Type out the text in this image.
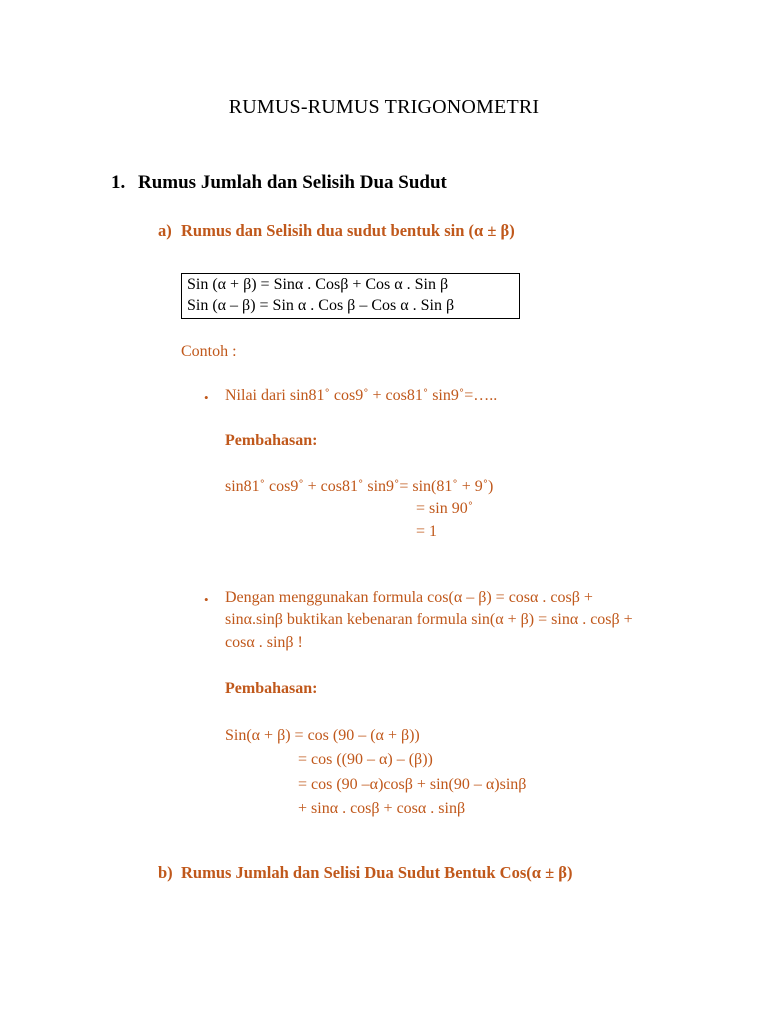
RUMUS-RUMUS TRIGONOMETRI
1. Rumus Jumlah dan Selisih Dua Sudut
a) Rumus dan Selisih dua sudut bentuk sin (α ± β)
Sin (α + β) = Sinα . Cosβ + Cos α . Sin β
Sin (α – β) = Sin α . Cos β – Cos α . Sin β
Contoh :
• Nilai dari sin81˚ cos9˚ + cos81˚ sin9˚=…..
Pembahasan:
sin81˚ cos9˚ + cos81˚ sin9˚= sin(81˚ + 9˚)
= sin 90˚
= 1
• Dengan menggunakan formula cos(α – β) = cosα . cosβ +
sinα.sinβ buktikan kebenaran formula sin(α + β) = sinα . cosβ +
cosα . sinβ !
Pembahasan:
Sin(α + β) = cos (90 – (α + β))
= cos ((90 – α) – (β))
= cos (90 –α)cosβ + sin(90 – α)sinβ
+ sinα . cosβ + cosα . sinβ
b) Rumus Jumlah dan Selisi Dua Sudut Bentuk Cos(α ± β)
